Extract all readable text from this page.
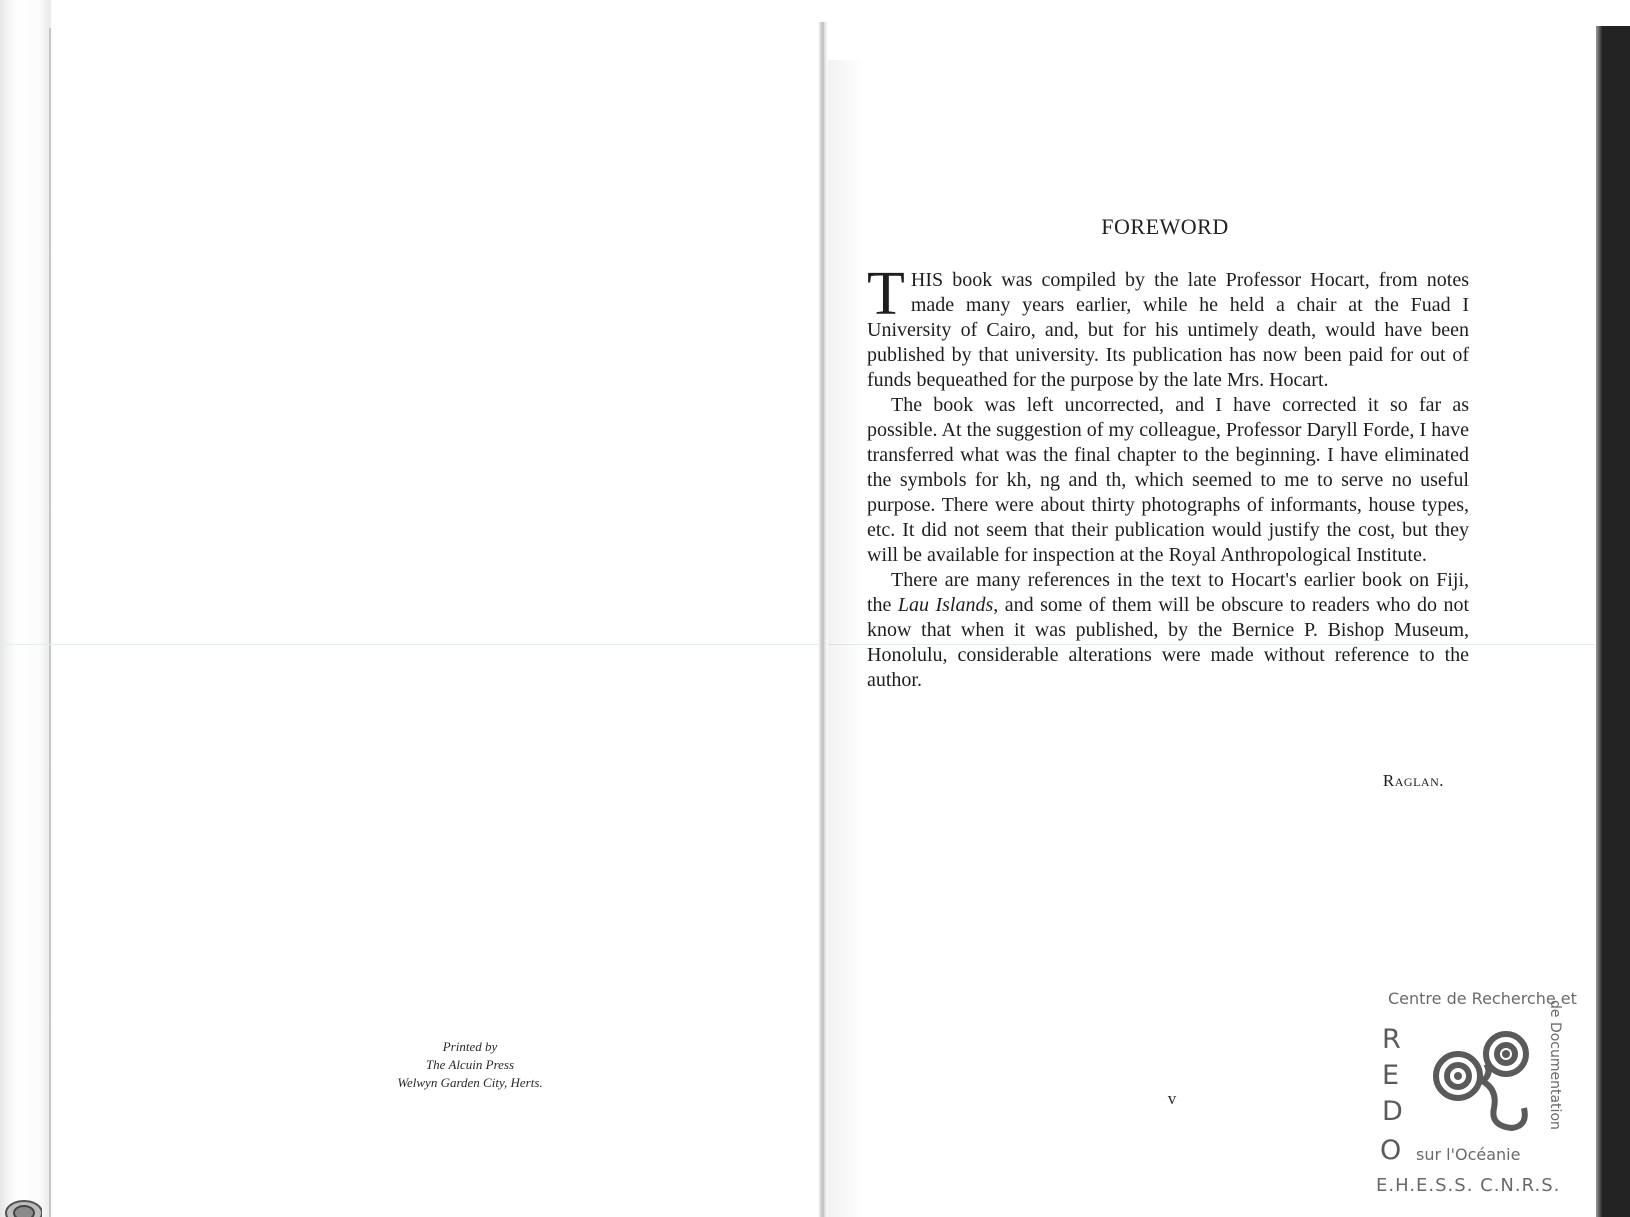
Printed by
The Alcuin Press
Welwyn Garden City, Herts.
FOREWORD

THIS book was compiled by the late Professor Hocart, from notes made many years earlier, while he held a chair at the Fuad I University of Cairo, and, but for his untimely death, would have been published by that university. Its publication has now been paid for out of funds bequeathed for the purpose by the late Mrs. Hocart.

The book was left uncorrected, and I have corrected it so far as possible. At the suggestion of my colleague, Professor Daryll Forde, I have transferred what was the final chapter to the beginning. I have eliminated the symbols for kh, ng and th, which seemed to me to serve no useful purpose. There were about thirty photographs of informants, house types, etc. It did not seem that their publication would justify the cost, but they will be available for inspection at the Royal Anthropological Institute.

There are many references in the text to Hocart's earlier book on Fiji, the Lau Islands, and some of them will be obscure to readers who do not know that when it was published, by the Bernice P. Bishop Museum, Honolulu, considerable alterations were made without reference to the author.

Raglan.
v
Centre de Recherche et
R
E
D
O
de Documentation
sur l'Océanie
E.H.E.S.S. C.N.R.S.
